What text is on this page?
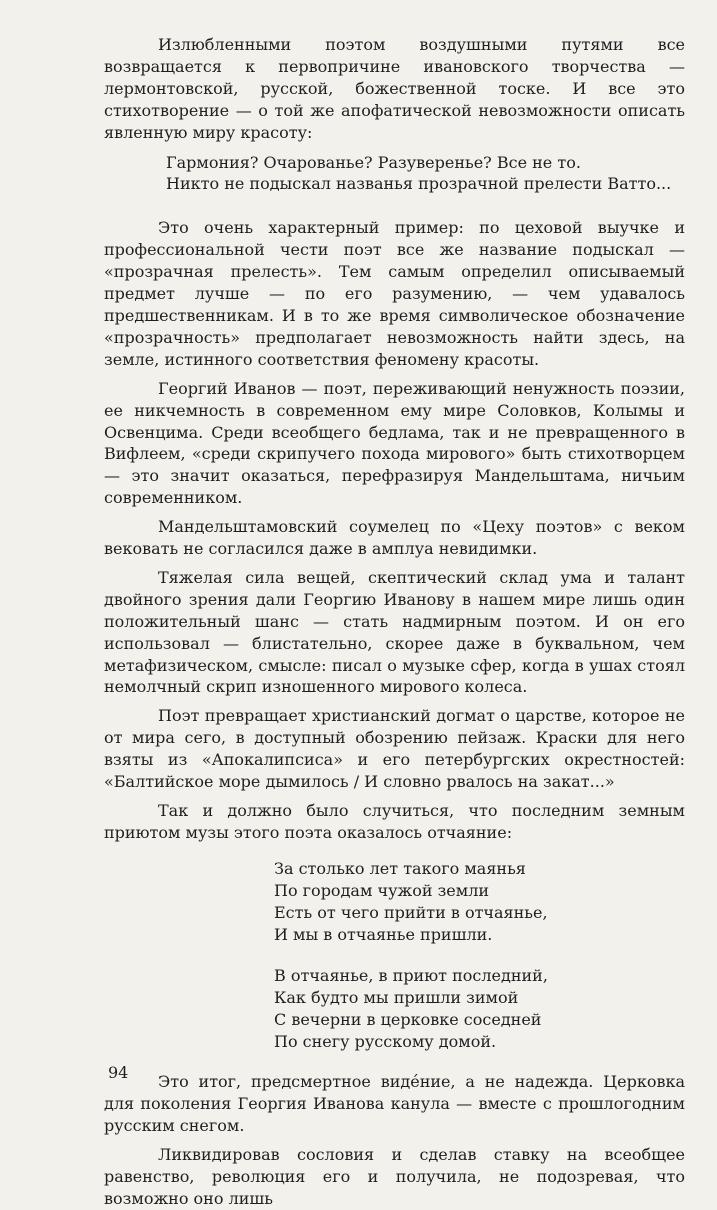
Излюбленными поэтом воздушными путями все возвращается к первопричине ивановского творчества — лермонтовской, русской, божественной тоске. И все это стихотворение — о той же апофатической невозможности описать явленную миру красоту:

Гармония? Очарованье? Разуверенье? Все не то.
Никто не подыскал названья прозрачной прелести Ватто...

Это очень характерный пример: по цеховой выучке и профессиональной чести поэт все же название подыскал — «прозрачная прелесть». Тем самым определил описываемый предмет лучше — по его разумению, — чем удавалось предшественникам. И в то же время символическое обозначение «прозрачность» предполагает невозможность найти здесь, на земле, истинного соответствия феномену красоты.

Георгий Иванов — поэт, переживающий ненужность поэзии, ее никчемность в современном ему мире Соловков, Колымы и Освенцима. Среди всеобщего бедлама, так и не превращенного в Вифлеем, «среди скрипучего похода мирового» быть стихотворцем — это значит оказаться, перефразируя Мандельштама, ничьим современником.

Мандельштамовский соумелец по «Цеху поэтов» с веком вековать не согласился даже в амплуа невидимки.

Тяжелая сила вещей, скептический склад ума и талант двойного зрения дали Георгию Иванову в нашем мире лишь один положительный шанс — стать надмирным поэтом. И он его использовал — блистательно, скорее даже в буквальном, чем метафизическом, смысле: писал о музыке сфер, когда в ушах стоял немолчный скрип изношенного мирового колеса.

Поэт превращает христианский догмат о царстве, которое не от мира сего, в доступный обозрению пейзаж. Краски для него взяты из «Апокалипсиса» и его петербургских окрестностей: «Балтийское море дымилось / И словно рвалось на закат...»

Так и должно было случиться, что последним земным приютом музы этого поэта оказалось отчаяние:

За столько лет такого маянья
По городам чужой земли
Есть от чего прийти в отчаянье,
И мы в отчаянье пришли.
В отчаянье, в приют последний,
Как будто мы пришли зимой
С вечерни в церковке соседней
По снегу русскому домой.

Это итог, предсмертное видéние, а не надежда. Церковка для поколения Георгия Иванова канула — вместе с прошлогодним русским снегом.

Ликвидировав сословия и сделав ставку на всеобщее равенство, революция его и получила, не подозревая, что возможно оно лишь

94
